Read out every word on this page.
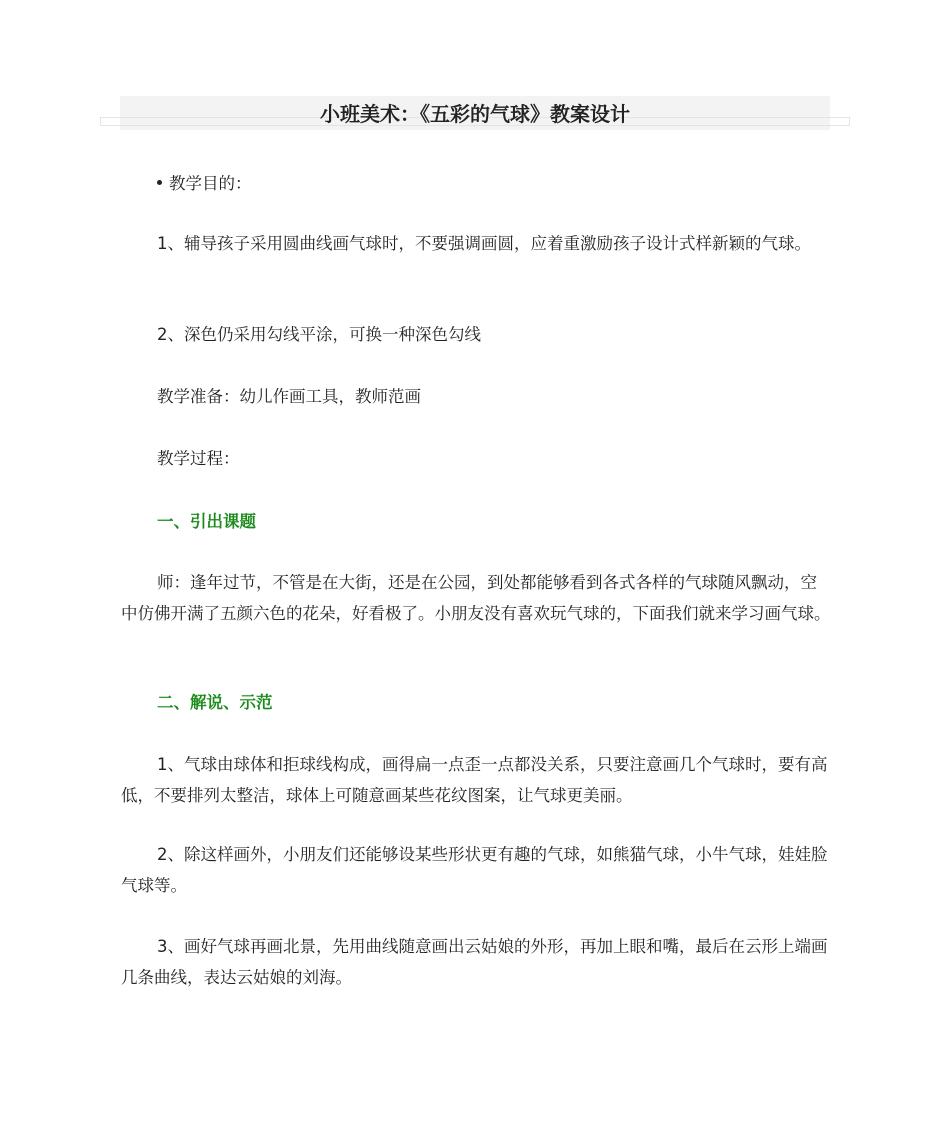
小班美术：《五彩的气球》教案设计

教学目的：

1、辅导孩子采用圆曲线画气球时，不要强调画圆，应着重激励孩子设计式样新颖的气球。

2、深色仍采用勾线平涂，可换一种深色勾线

教学准备：幼儿作画工具，教师范画

教学过程：

一、引出课题

师：逢年过节，不管是在大街，还是在公园，到处都能够看到各式各样的气球随风飘动，空中仿佛开满了五颜六色的花朵，好看极了。小朋友没有喜欢玩气球的，下面我们就来学习画气球。

二、解说、示范

1、气球由球体和拒球线构成，画得扁一点歪一点都没关系，只要注意画几个气球时，要有高低，不要排列太整洁，球体上可随意画某些花纹图案，让气球更美丽。

2、除这样画外，小朋友们还能够设某些形状更有趣的气球，如熊猫气球，小牛气球，娃娃脸气球等。

3、画好气球再画北景，先用曲线随意画出云姑娘的外形，再加上眼和嘴，最后在云形上端画几条曲线，表达云姑娘的刘海。
